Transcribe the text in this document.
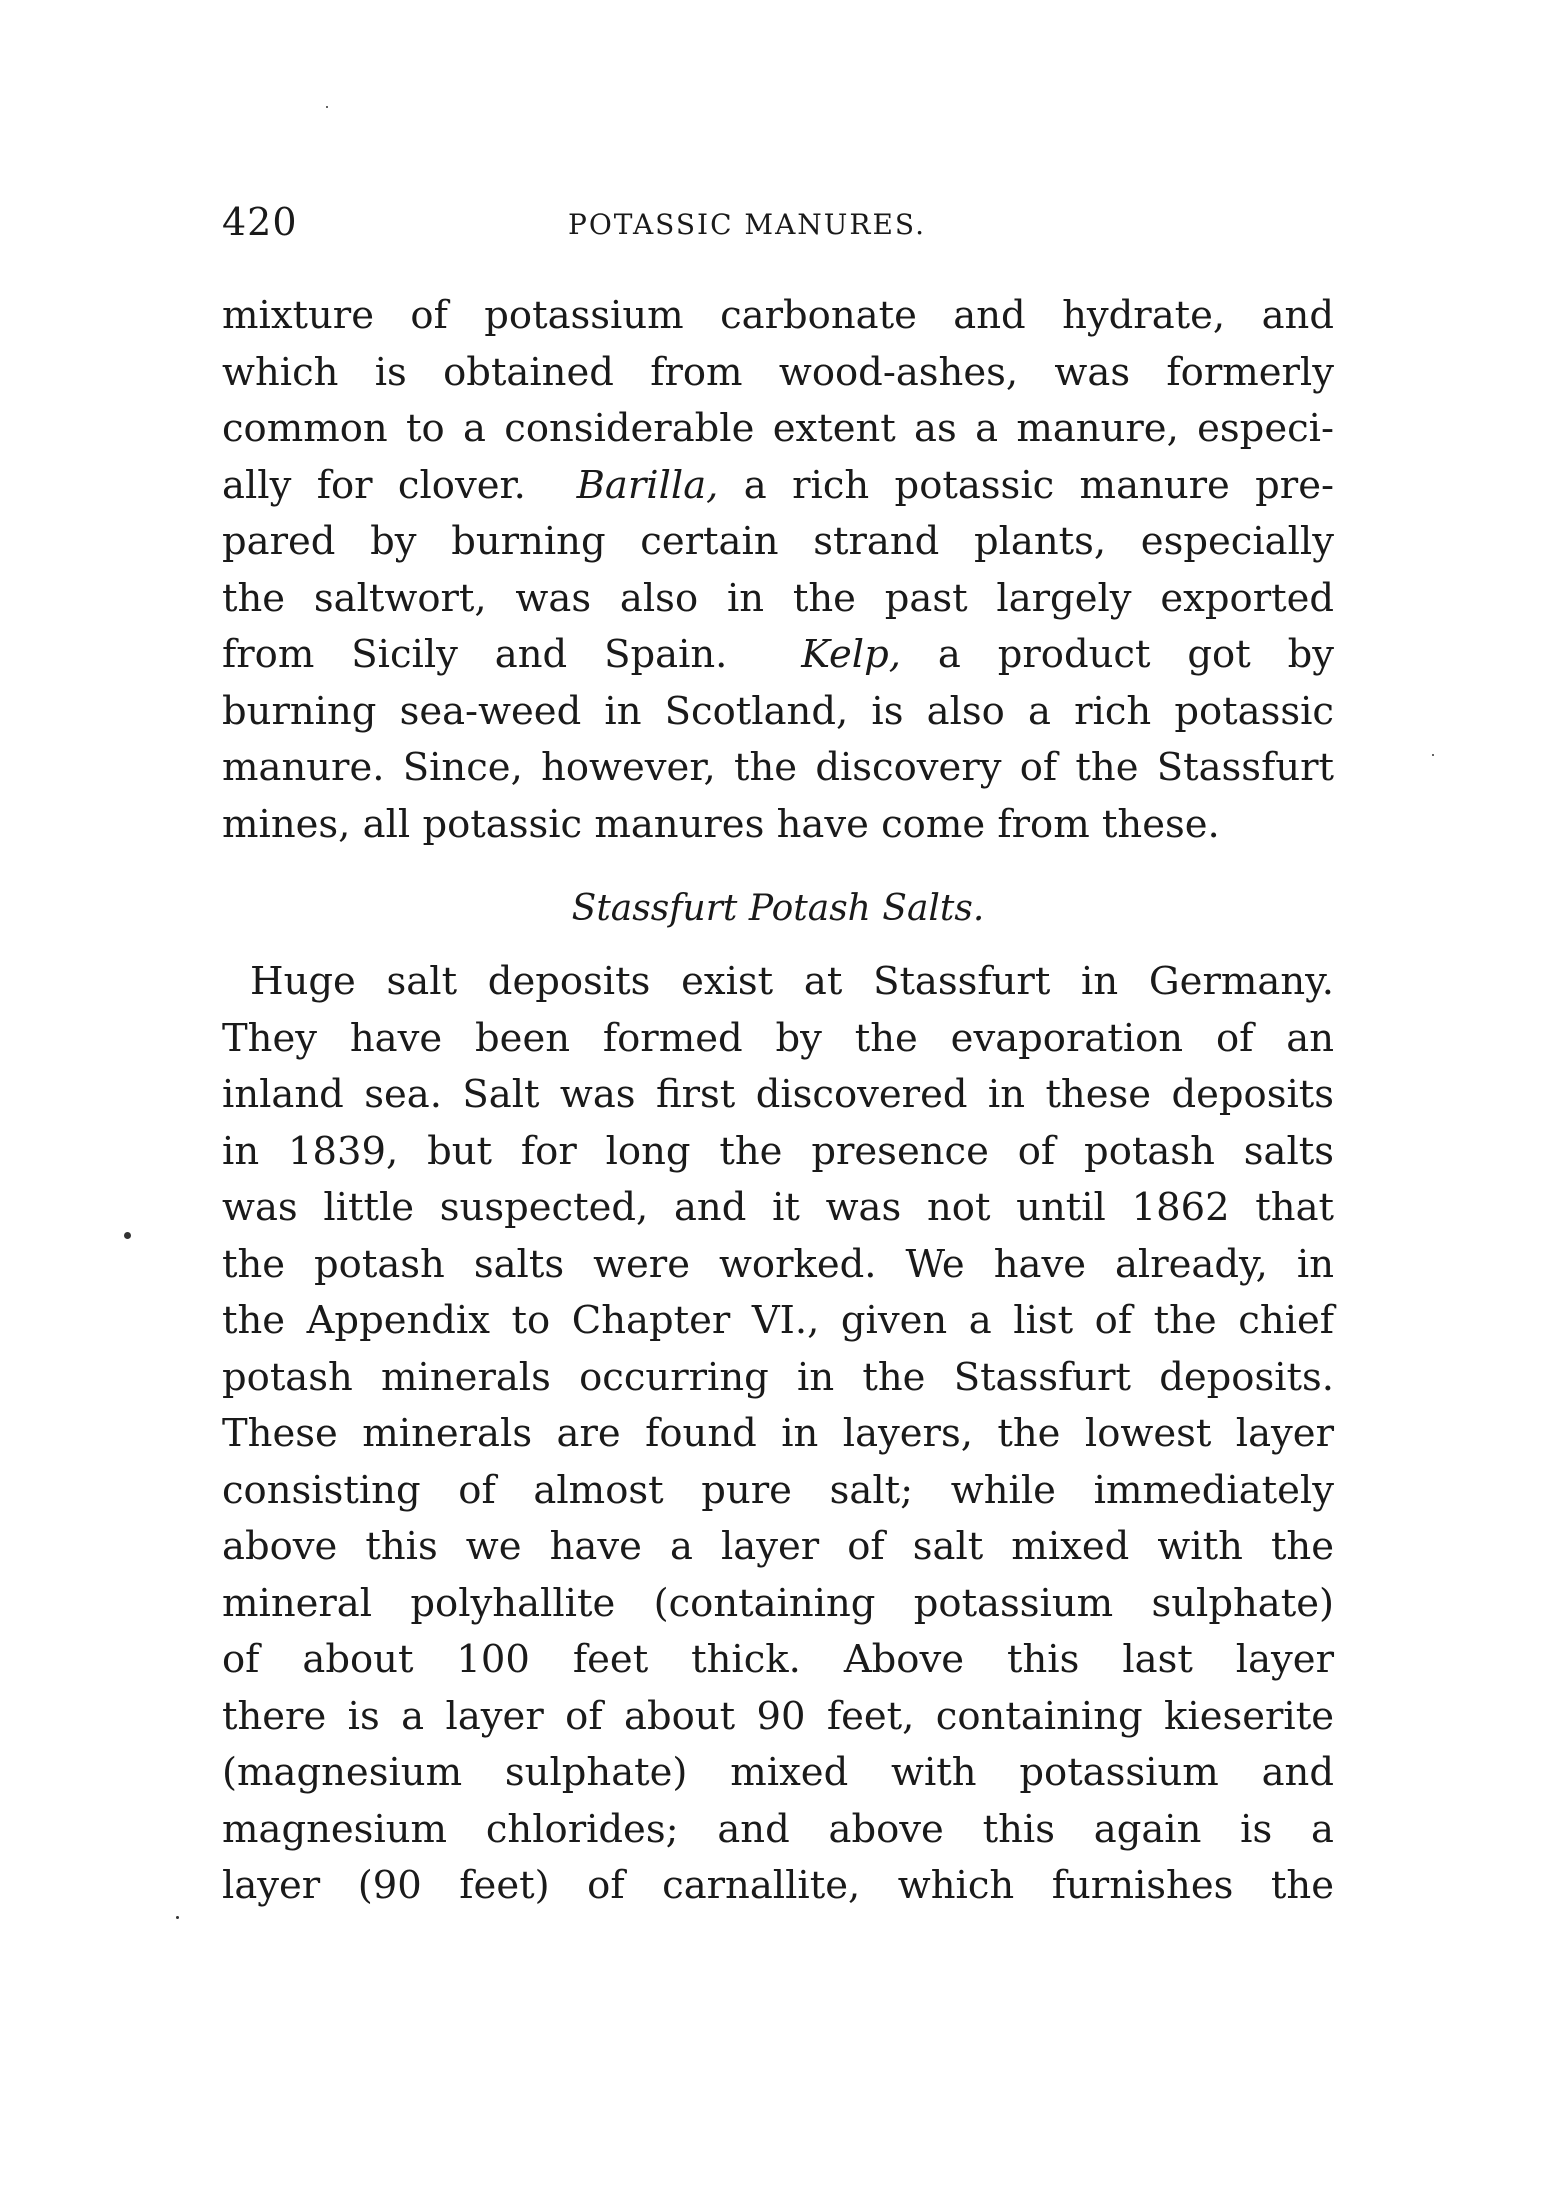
420	POTASSIC MANURES.
mixture of potassium carbonate and hydrate, and
which is obtained from wood-ashes, was formerly
common to a considerable extent as a manure, especi-
ally for clover. Barilla, a rich potassic manure pre-
pared by burning certain strand plants, especially
the saltwort, was also in the past largely exported
from Sicily and Spain. Kelp, a product got by
burning sea-weed in Scotland, is also a rich potassic
manure. Since, however, the discovery of the Stassfurt
mines, all potassic manures have come from these.
Stassfurt Potash Salts.
Huge salt deposits exist at Stassfurt in Germany.
They have been formed by the evaporation of an
inland sea. Salt was first discovered in these deposits
in 1839, but for long the presence of potash salts
was little suspected, and it was not until 1862 that
the potash salts were worked. We have already, in
the Appendix to Chapter VI., given a list of the chief
potash minerals occurring in the Stassfurt deposits.
These minerals are found in layers, the lowest layer
consisting of almost pure salt; while immediately
above this we have a layer of salt mixed with the
mineral polyhallite (containing potassium sulphate)
of about 100 feet thick. Above this last layer
there is a layer of about 90 feet, containing kieserite
(magnesium sulphate) mixed with potassium and
magnesium chlorides; and above this again is a
layer (90 feet) of carnallite, which furnishes the
